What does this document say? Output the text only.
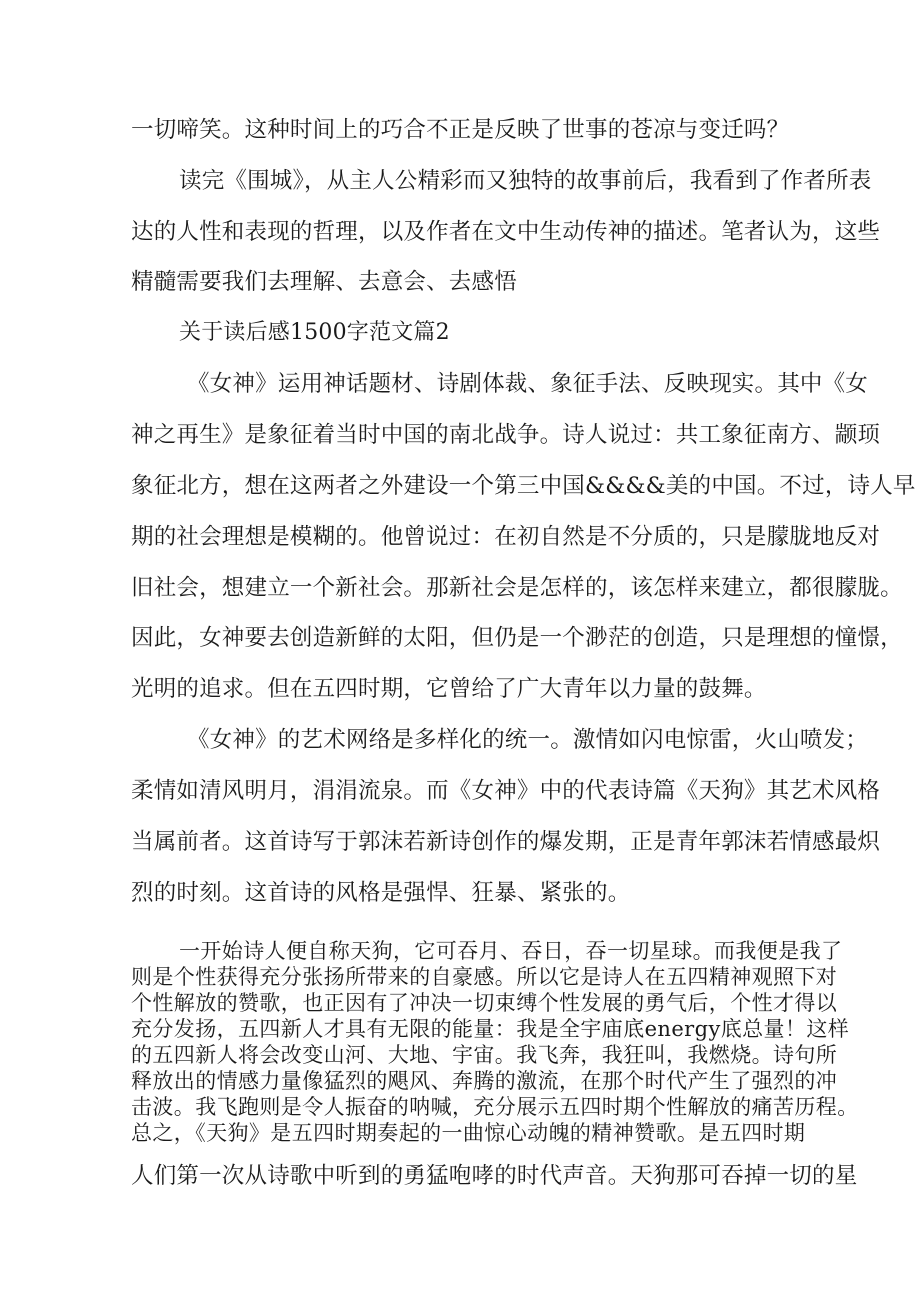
一切啼笑。这种时间上的巧合不正是反映了世事的苍凉与变迁吗？
读完《围城》，从主人公精彩而又独特的故事前后，我看到了作者所表
达的人性和表现的哲理，以及作者在文中生动传神的描述。笔者认为，这些
精髓需要我们去理解、去意会、去感悟
关于读后感1500字范文篇2
《女神》运用神话题材、诗剧体裁、象征手法、反映现实。其中《女
神之再生》是象征着当时中国的南北战争。诗人说过：共工象征南方、颛顼
象征北方，想在这两者之外建设一个第三中国&&&&美的中国。不过，诗人早
期的社会理想是模糊的。他曾说过：在初自然是不分质的，只是朦胧地反对
旧社会，想建立一个新社会。那新社会是怎样的，该怎样来建立，都很朦胧。
因此，女神要去创造新鲜的太阳，但仍是一个渺茫的创造，只是理想的憧憬，
光明的追求。但在五四时期，它曾给了广大青年以力量的鼓舞。
《女神》的艺术网络是多样化的统一。激情如闪电惊雷，火山喷发；
柔情如清风明月，涓涓流泉。而《女神》中的代表诗篇《天狗》其艺术风格
当属前者。这首诗写于郭沫若新诗创作的爆发期，正是青年郭沫若情感最炽
烈的时刻。这首诗的风格是强悍、狂暴、紧张的。
一开始诗人便自称天狗，它可吞月、吞日，吞一切星球。而我便是我了
则是个性获得充分张扬所带来的自豪感。所以它是诗人在五四精神观照下对
个性解放的赞歌，也正因有了冲决一切束缚个性发展的勇气后，个性才得以
充分发扬，五四新人才具有无限的能量：我是全宇庙底energy底总量！这样
的五四新人将会改变山河、大地、宇宙。我飞奔，我狂叫，我燃烧。诗句所
释放出的情感力量像猛烈的飓风、奔腾的激流，在那个时代产生了强烈的冲
击波。我飞跑则是令人振奋的呐喊，充分展示五四时期个性解放的痛苦历程。
总之，《天狗》是五四时期奏起的一曲惊心动魄的精神赞歌。是五四时期
人们第一次从诗歌中听到的勇猛咆哮的时代声音。天狗那可吞掉一切的星
